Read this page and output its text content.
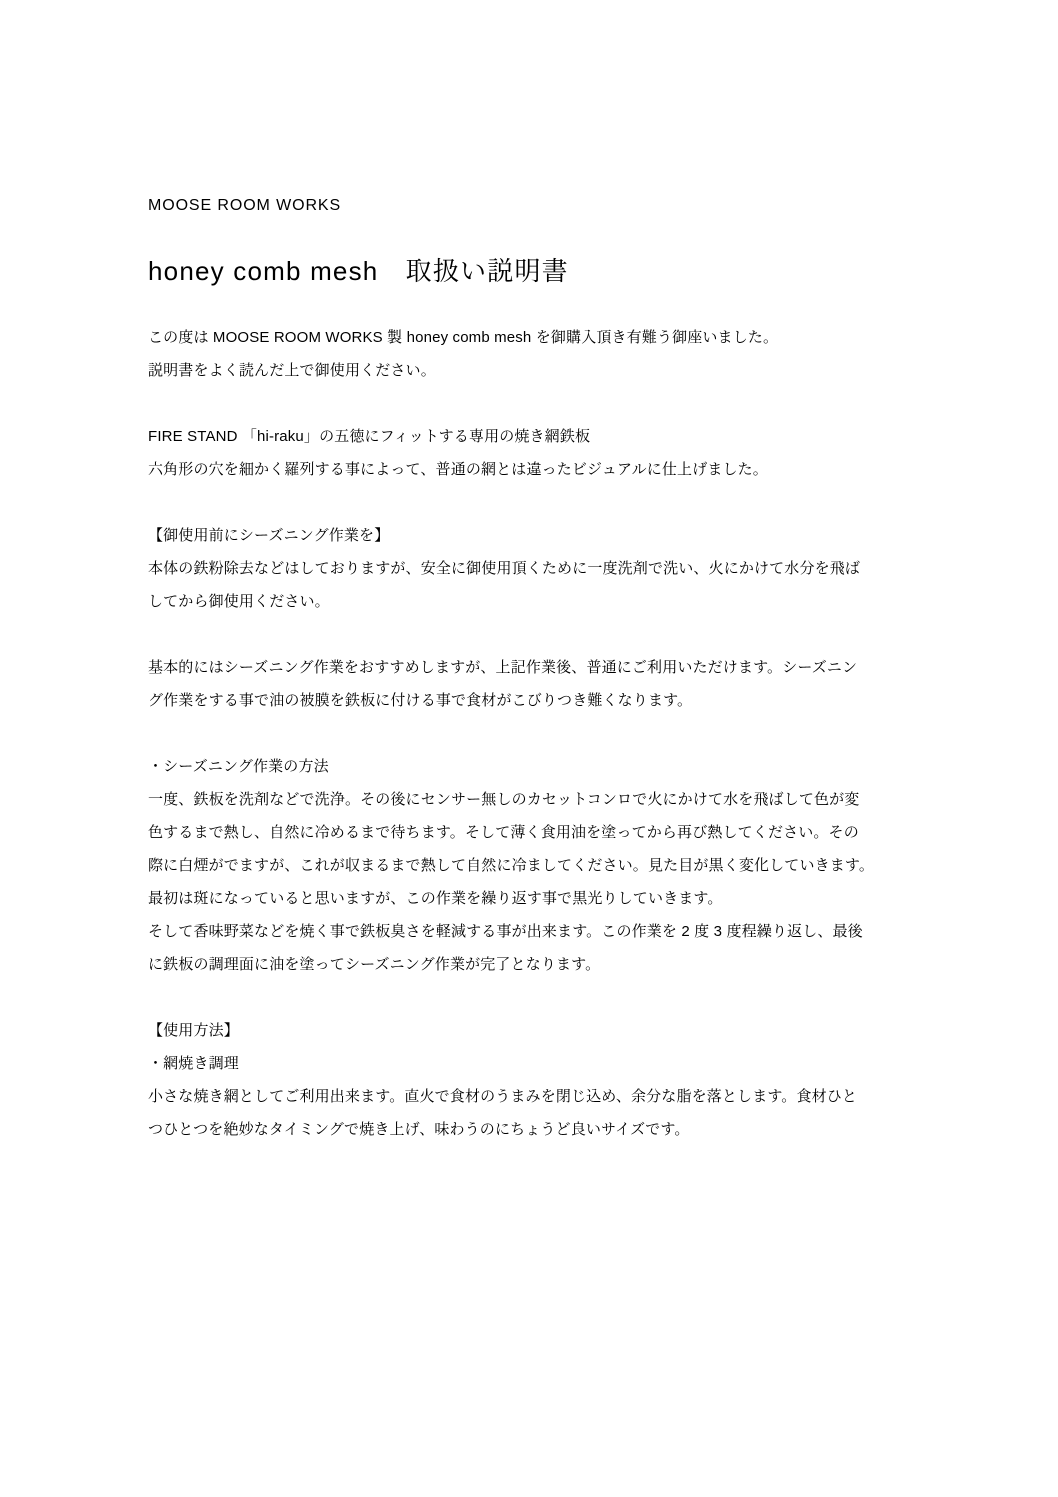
MOOSE ROOM WORKS
honey comb mesh　取扱い説明書

この度は MOOSE ROOM WORKS 製 honey comb mesh を御購入頂き有難う御座いました。

説明書をよく読んだ上で御使用ください。

FIRE STAND 「hi-raku」の五徳にフィットする専用の焼き網鉄板

六角形の穴を細かく羅列する事によって、普通の網とは違ったビジュアルに仕上げました。

【御使用前にシーズニング作業を】

本体の鉄粉除去などはしておりますが、安全に御使用頂くために一度洗剤で洗い、火にかけて水分を飛ば

してから御使用ください。

基本的にはシーズニング作業をおすすめしますが、上記作業後、普通にご利用いただけます。シーズニン

グ作業をする事で油の被膜を鉄板に付ける事で食材がこびりつき難くなります。

・シーズニング作業の方法

一度、鉄板を洗剤などで洗浄。その後にセンサー無しのカセットコンロで火にかけて水を飛ばして色が変

色するまで熱し、自然に冷めるまで待ちます。そして薄く食用油を塗ってから再び熱してください。その

際に白煙がでますが、これが収まるまで熱して自然に冷ましてください。見た目が黒く変化していきます。

最初は斑になっていると思いますが、この作業を繰り返す事で黒光りしていきます。

そして香味野菜などを焼く事で鉄板臭さを軽減する事が出来ます。この作業を 2 度 3 度程繰り返し、最後

に鉄板の調理面に油を塗ってシーズニング作業が完了となります。

【使用方法】

・網焼き調理

小さな焼き網としてご利用出来ます。直火で食材のうまみを閉じ込め、余分な脂を落とします。食材ひと

つひとつを絶妙なタイミングで焼き上げ、味わうのにちょうど良いサイズです。
